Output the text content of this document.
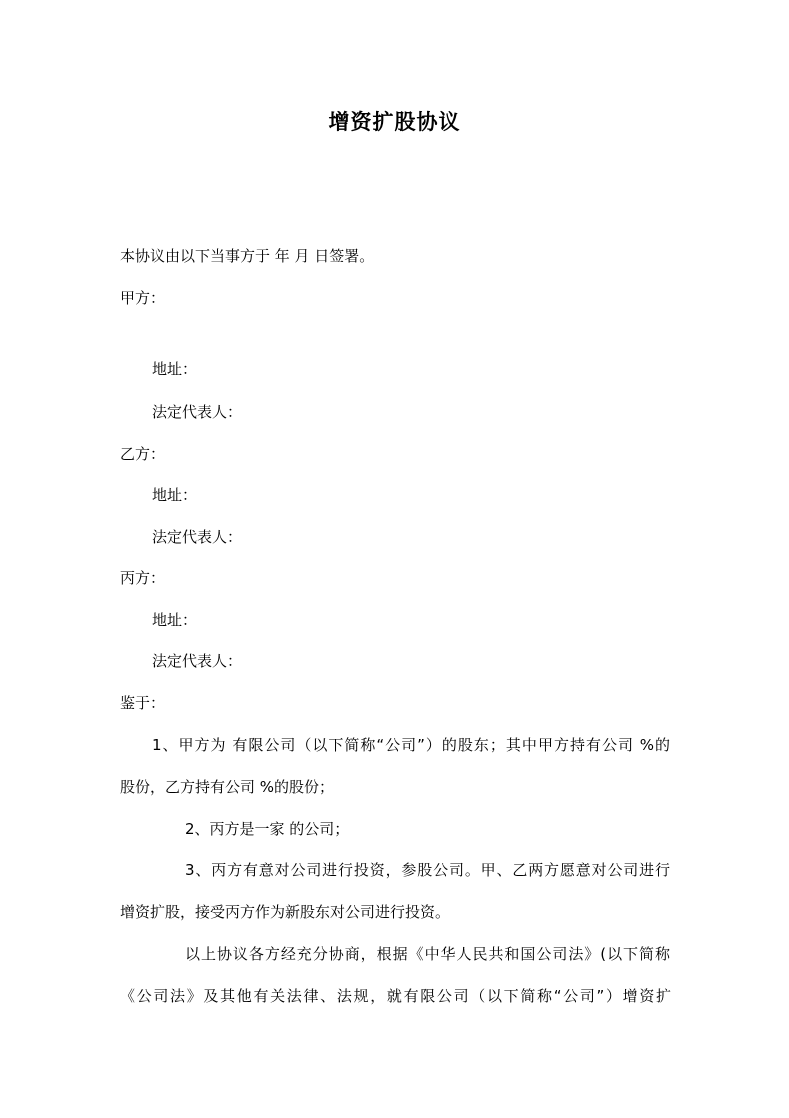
增资扩股协议
本协议由以下当事方于 年 月 日签署。
甲方：
地址：
法定代表人：
乙方：
地址：
法定代表人：
丙方：
地址：
法定代表人：
鉴于：
1、甲方为 有限公司（以下简称“公司”）的股东；其中甲方持有公司 %的
股份，乙方持有公司 %的股份；
2、丙方是一家 的公司；
3、丙方有意对公司进行投资，参股公司。甲、乙两方愿意对公司进行
增资扩股，接受丙方作为新股东对公司进行投资。
以上协议各方经充分协商，根据《中华人民共和国公司法》(以下简称
《公司法》及其他有关法律、法规，就有限公司（以下简称“公司”）增资扩
